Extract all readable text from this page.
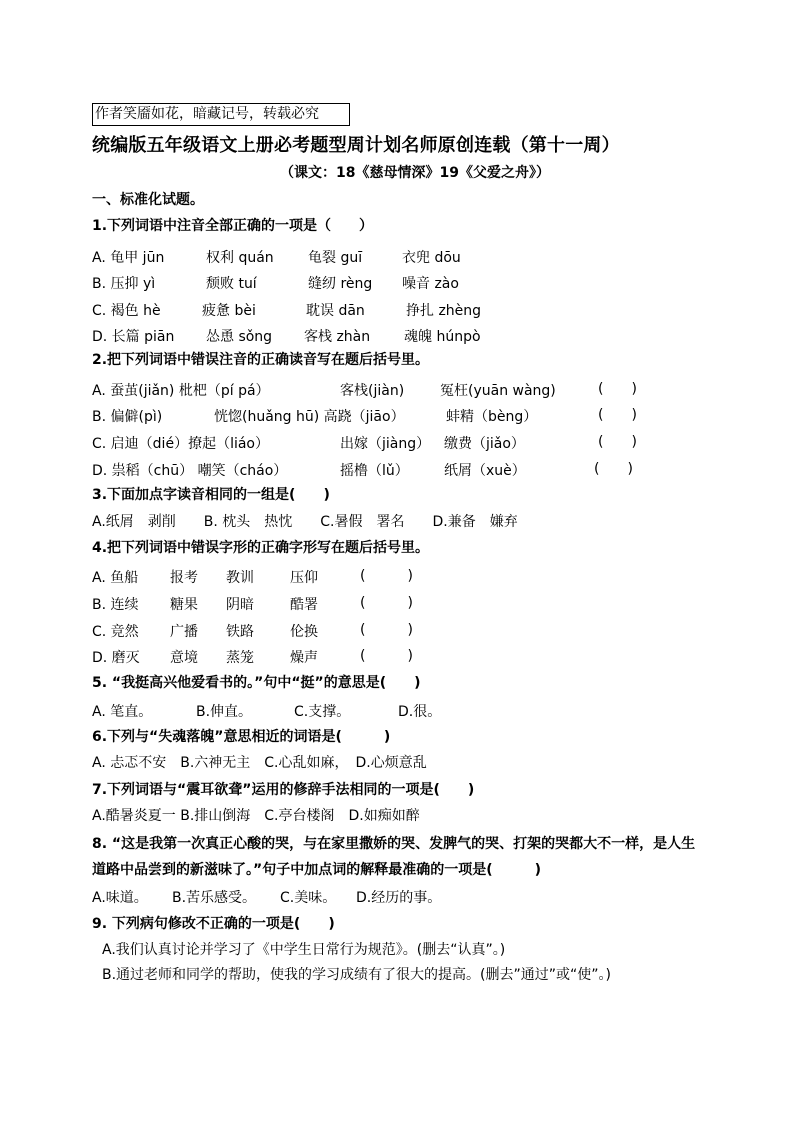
作者笑靥如花，暗藏记号，转载必究
统编版五年级语文上册必考题型周计划名师原创连载（第十一周）
（课文：18《慈母情深》19《父爱之舟》）
一、标准化试题。
1.下列词语中注音全部正确的一项是（　　）
A. 龟甲 jūn	权利 quán 龟裂 guī	衣兜 dōu
B. 压抑 yì	颓败 tuí	缝纫 rèng 噪音 zào
C. 褐色 hè	疲惫 bèi	耽误 dān	挣扎 zhèng
D. 长篇 piān 怂恿 sǒng 客栈 zhàn 魂魄 húnpò
2.把下列词语中错误注音的正确读音写在题后括号里。
A. 蚕茧(jiǎn) 枇杷（pí pá）	客栈(jiàn)	冤枉(yuān wàng)	(　　)
B. 偏僻(pì)	恍惚(huǎng hū) 高跷（jiāo）	蚌精（bèng）	(　　)
C. 启迪（dié）撩起（liáo）	出嫁（jiàng） 缴费（jiǎo）	(　　)
D. 祟稻（chū） 嘲笑（cháo）	摇橹（lǔ）	纸屑（xuè）	(　　)
3.下面加点字读音相同的一组是(　　)
A.纸屑　剥削　　B. 枕头　热忱　　C.暑假　署名　　D.兼备　嫌弃
4.把下列词语中错误字形的正确字形写在题后括号里。
A. 鱼船 报考 教训	压仰	(　　　)
B. 连续 糖果 阴暗	酷署	(　　　)
C. 竞然 广播 铁路	伦换	(　　　)
D. 磨灭 意境 蒸笼	燥声	(　　　)
5. “我挺高兴他爱看书的。”句中“挺”的意思是(　　)
A. 笔直。	B.伸直。	C.支撑。	D.很。
6.下列与“失魂落魄”意思相近的词语是(　　　)
A. 忐忑不安　B.六神无主　C.心乱如麻，　D.心烦意乱
7.下列词语与“震耳欲聋”运用的修辞手法相同的一项是(　　)
A.酷暑炎夏一 B.排山倒海　C.亭台楼阁　D.如痴如醉
8. “这是我第一次真正心酸的哭，与在家里撒娇的哭、发脾气的哭、打架的哭都大不一样，是人生道路中品尝到的新滋味了。”句子中加点词的解释最准确的一项是(　　　)
A.味道。 B.苦乐感受。 C.美味。 D.经历的事。
9. 下列病句修改不正确的一项是(　　)
A.我们认真讨论并学习了《中学生日常行为规范》。(删去“认真”。)
B.通过老师和同学的帮助，使我的学习成绩有了很大的提高。(删去”通过”或“使”。)
